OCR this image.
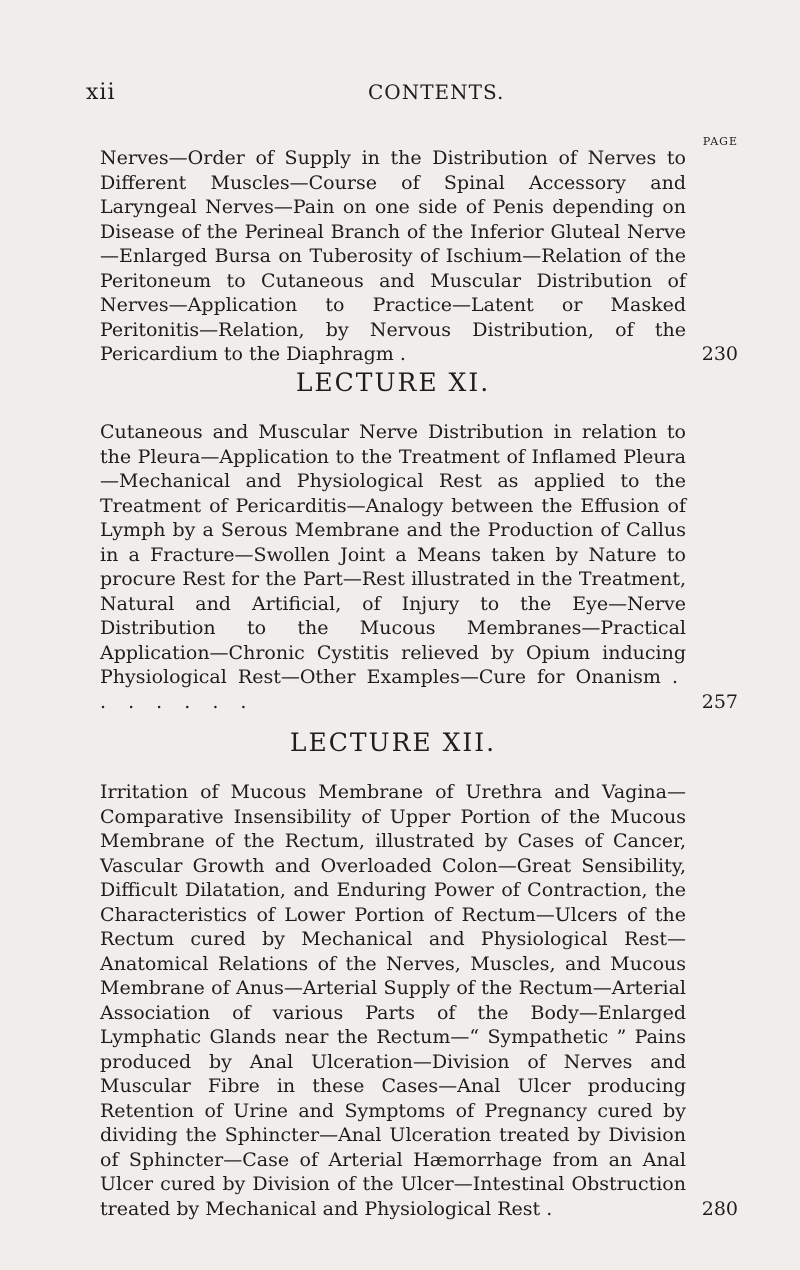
xii	CONTENTS.
PAGE
Nerves—Order of Supply in the Distribution of Nerves to Different Muscles—Course of Spinal Accessory and Laryngeal Nerves—Pain on one side of Penis depending on Disease of the Perineal Branch of the Inferior Gluteal Nerve—Enlarged Bursa on Tuberosity of Ischium—Relation of the Peritoneum to Cutaneous and Muscular Distribution of Nerves—Application to Practice—Latent or Masked Peritonitis—Relation, by Nervous Distribution, of the Pericardium to the Diaphragm .	230
LECTURE XI.
Cutaneous and Muscular Nerve Distribution in relation to the Pleura—Application to the Treatment of Inflamed Pleura—Mechanical and Physiological Rest as applied to the Treatment of Pericarditis—Analogy between the Effusion of Lymph by a Serous Membrane and the Production of Callus in a Fracture—Swollen Joint a Means taken by Nature to procure Rest for the Part—Rest illustrated in the Treatment, Natural and Artificial, of Injury to the Eye—Nerve Distribution to the Mucous Membranes—Practical Application—Chronic Cystitis relieved by Opium inducing Physiological Rest—Other Examples—Cure for Onanism . . . . . . .	257
LECTURE XII.
Irritation of Mucous Membrane of Urethra and Vagina—Comparative Insensibility of Upper Portion of the Mucous Membrane of the Rectum, illustrated by Cases of Cancer, Vascular Growth and Overloaded Colon—Great Sensibility, Difficult Dilatation, and Enduring Power of Contraction, the Characteristics of Lower Portion of Rectum—Ulcers of the Rectum cured by Mechanical and Physiological Rest—Anatomical Relations of the Nerves, Muscles, and Mucous Membrane of Anus—Arterial Supply of the Rectum—Arterial Association of various Parts of the Body—Enlarged Lymphatic Glands near the Rectum—“ Sympathetic ” Pains produced by Anal Ulceration—Division of Nerves and Muscular Fibre in these Cases—Anal Ulcer producing Retention of Urine and Symptoms of Pregnancy cured by dividing the Sphincter—Anal Ulceration treated by Division of Sphincter—Case of Arterial Hæmorrhage from an Anal Ulcer cured by Division of the Ulcer—Intestinal Obstruction treated by Mechanical and Physiological Rest .	280
